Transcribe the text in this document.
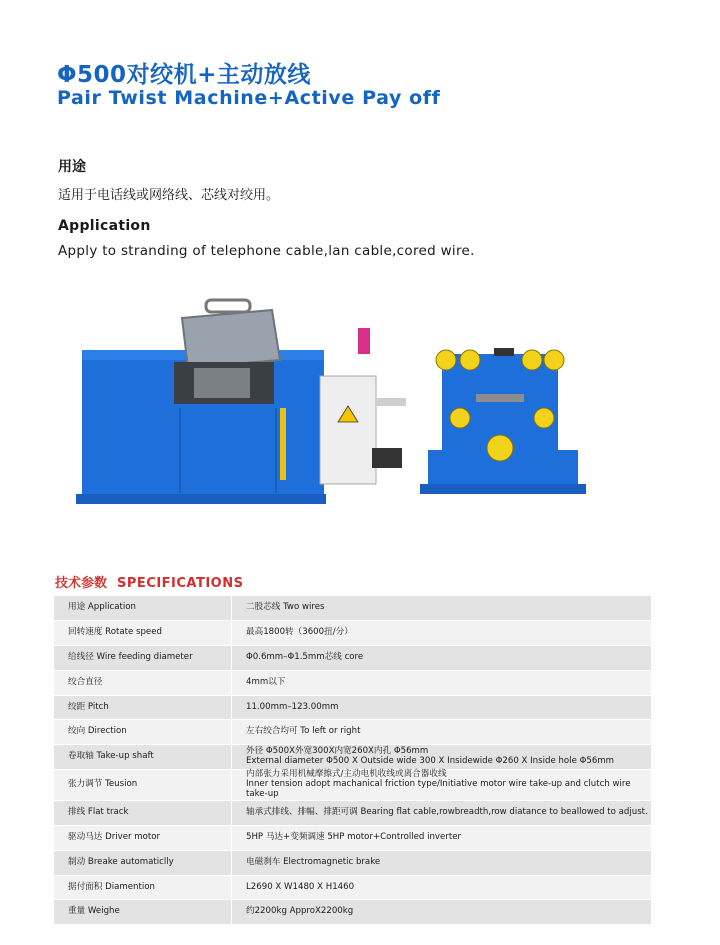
Φ500对绞机+主动放线
Pair Twist Machine+Active Pay off
用途
适用于电话线或网络线、芯线对绞用。
Application
Apply to stranding of telephone cable,lan cable,cored wire.
技术参数 SPECIFICATIONS
用途 Application	二股芯线 Two wires
回转速度 Rotate speed	最高1800转（3600扭/分）
给线径 Wire feeding diameter	Φ0.6mm–Φ1.5mm芯线 core
绞合直径	4mm以下
绞距 Pitch	11.00mm–123.00mm
绞向 Direction	左右绞合均可 To left or right
卷取轴 Take-up shaft	外径 Φ500X外宽300X内宽260X内孔 Φ56mm
External diameter Φ500 X Outside wide 300 X Insidewide Φ260 X Inside hole Φ56mm

张力调节 Teusion	内部张力采用机械摩擦式/主动电机收线或离合器收线
Inner tension adopt machanical friction type/Initiative motor wire take-up and clutch wire take-up

排线 Flat track	轴承式排线、排幅、排距可调 Bearing flat cable,rowbreadth,row diatance to beallowed to adjust.
驱动马达 Driver motor	5HP 马达+变频调速 5HP motor+Controlled inverter
制动 Breake automaticlly	电磁刹车 Electromagnetic brake
据付面积 Diamention	L2690 X W1480 X H1460
重量 Weighe	约2200kg ApproX2200kg
